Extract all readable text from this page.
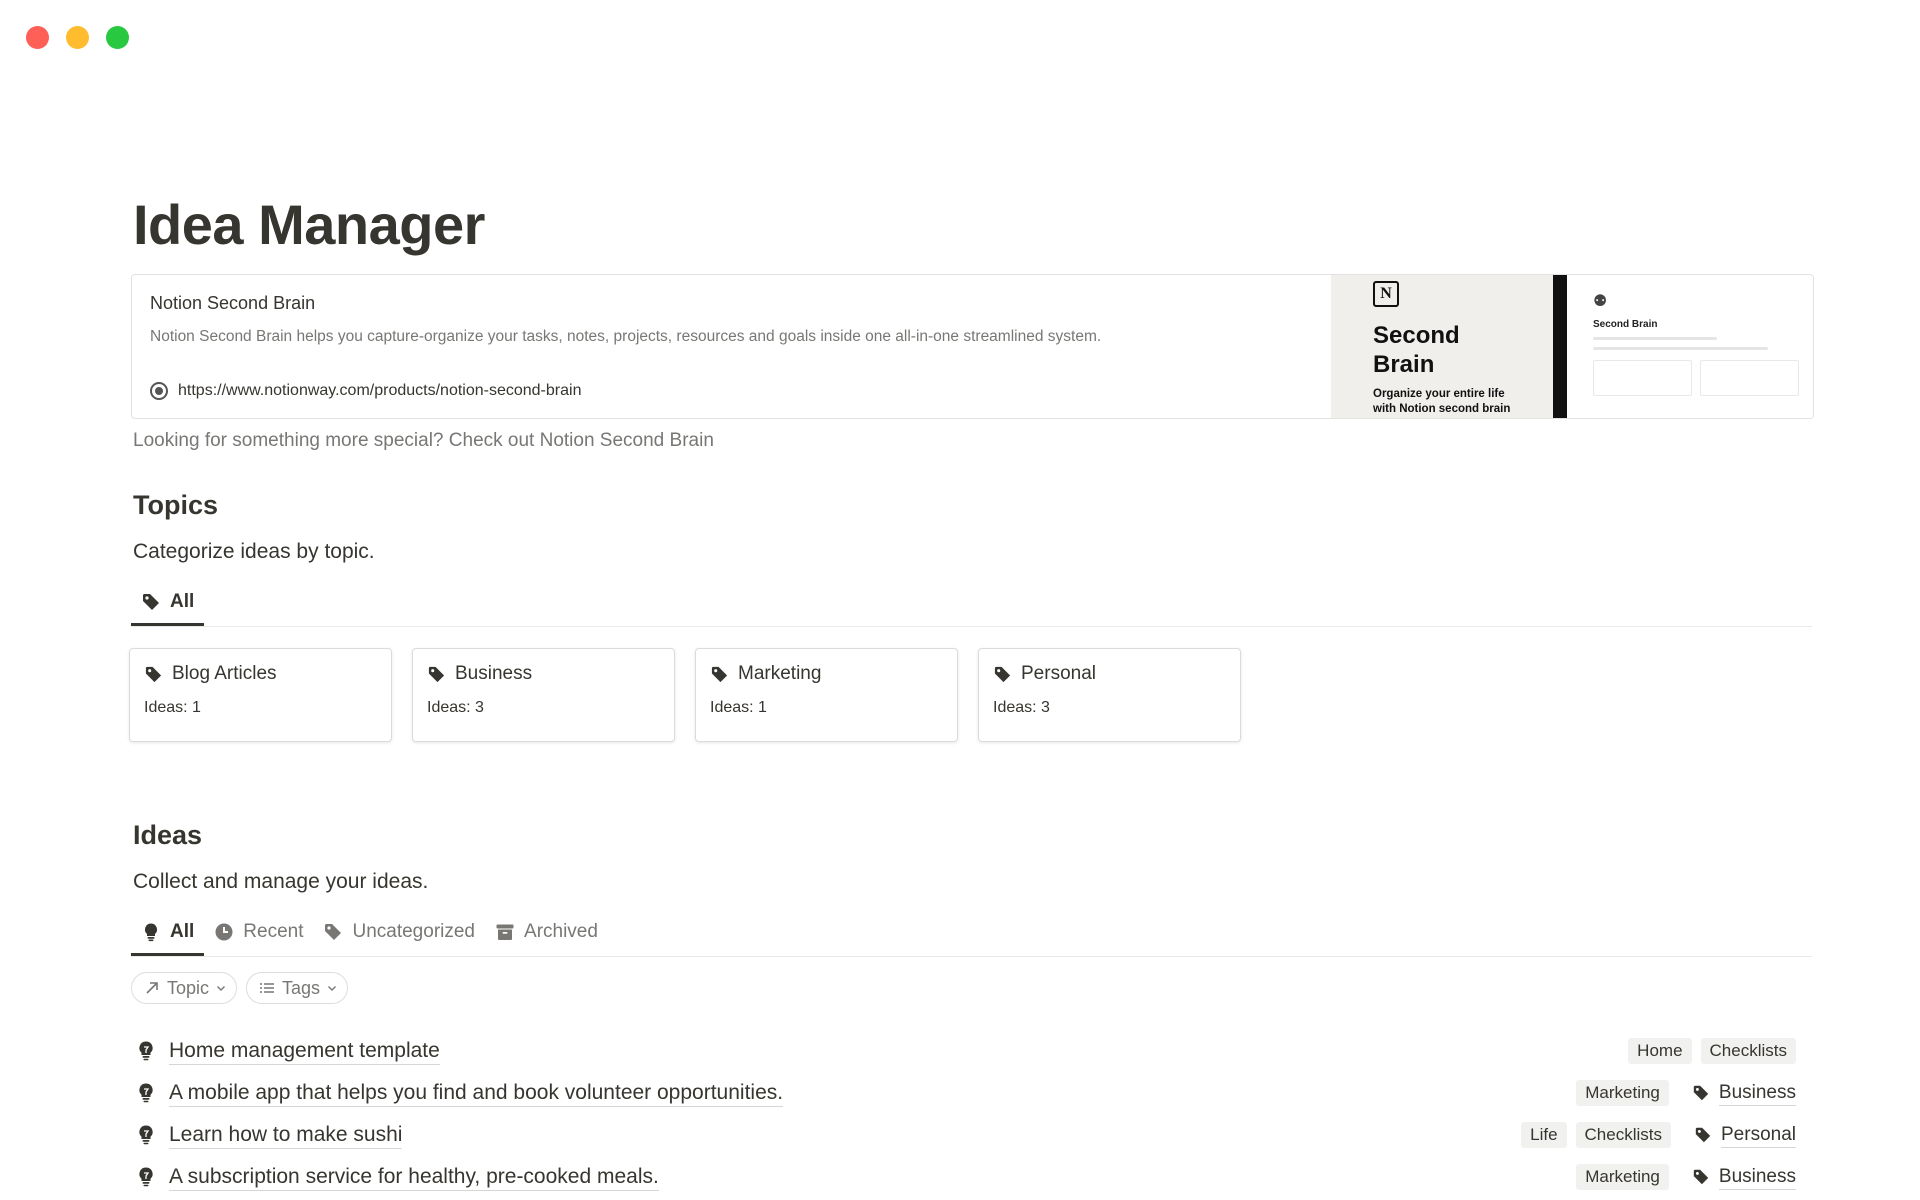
Idea Manager
Notion Second Brain
Notion Second Brain helps you capture-organize your tasks, notes, projects, resources and goals inside one all-in-one streamlined system.
https://www.notionway.com/products/notion-second-brain
N
Second
Brain
Organize your entire life
with Notion second brain
⚉
Second Brain
Looking for something more special? Check out Notion Second Brain
Topics
Categorize ideas by topic.
All
Blog Articles
Ideas: 1
Business
Ideas: 3
Marketing
Ideas: 1
Personal
Ideas: 3
Ideas
Collect and manage your ideas.
All	Recent	Uncategorized	Archived
Topic	Tags
Home management template	Home	Checklists
A mobile app that helps you find and book volunteer opportunities.	Marketing	Business
Learn how to make sushi	Life	Checklists	Personal
A subscription service for healthy, pre-cooked meals.	Marketing	Business
